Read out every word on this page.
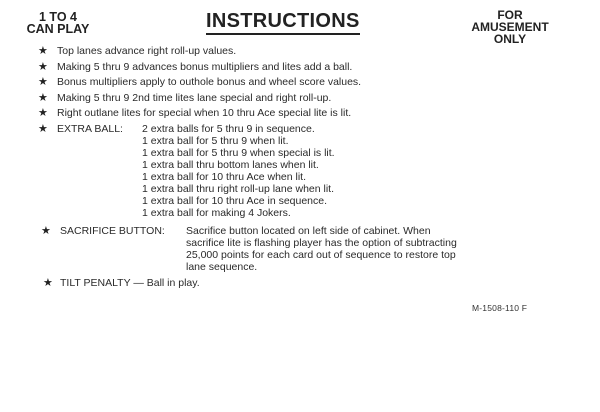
1 TO 4
CAN PLAY	INSTRUCTIONS	FOR
AMUSEMENT
ONLY
★ Top lanes advance right roll-up values.
★ Making 5 thru 9 advances bonus multipliers and lites add a ball.
★ Bonus multipliers apply to outhole bonus and wheel score values.
★ Making 5 thru 9 2nd time lites lane special and right roll-up.
★ Right outlane lites for special when 10 thru Ace special lite is lit.
★ EXTRA BALL: 2 extra balls for 5 thru 9 in sequence.
1 extra ball for 5 thru 9 when lit.
1 extra ball for 5 thru 9 when special is lit.
1 extra ball thru bottom lanes when lit.
1 extra ball for 10 thru Ace when lit.
1 extra ball thru right roll-up lane when lit.
1 extra ball for 10 thru Ace in sequence.
1 extra ball for making 4 Jokers.
★ SACRIFICE BUTTON: Sacrifice button located on left side of cabinet. When
sacrifice lite is flashing player has the option of subtracting
25,000 points for each card out of sequence to restore top
lane sequence.
★ TILT PENALTY — Ball in play.
M-1508-110 F
